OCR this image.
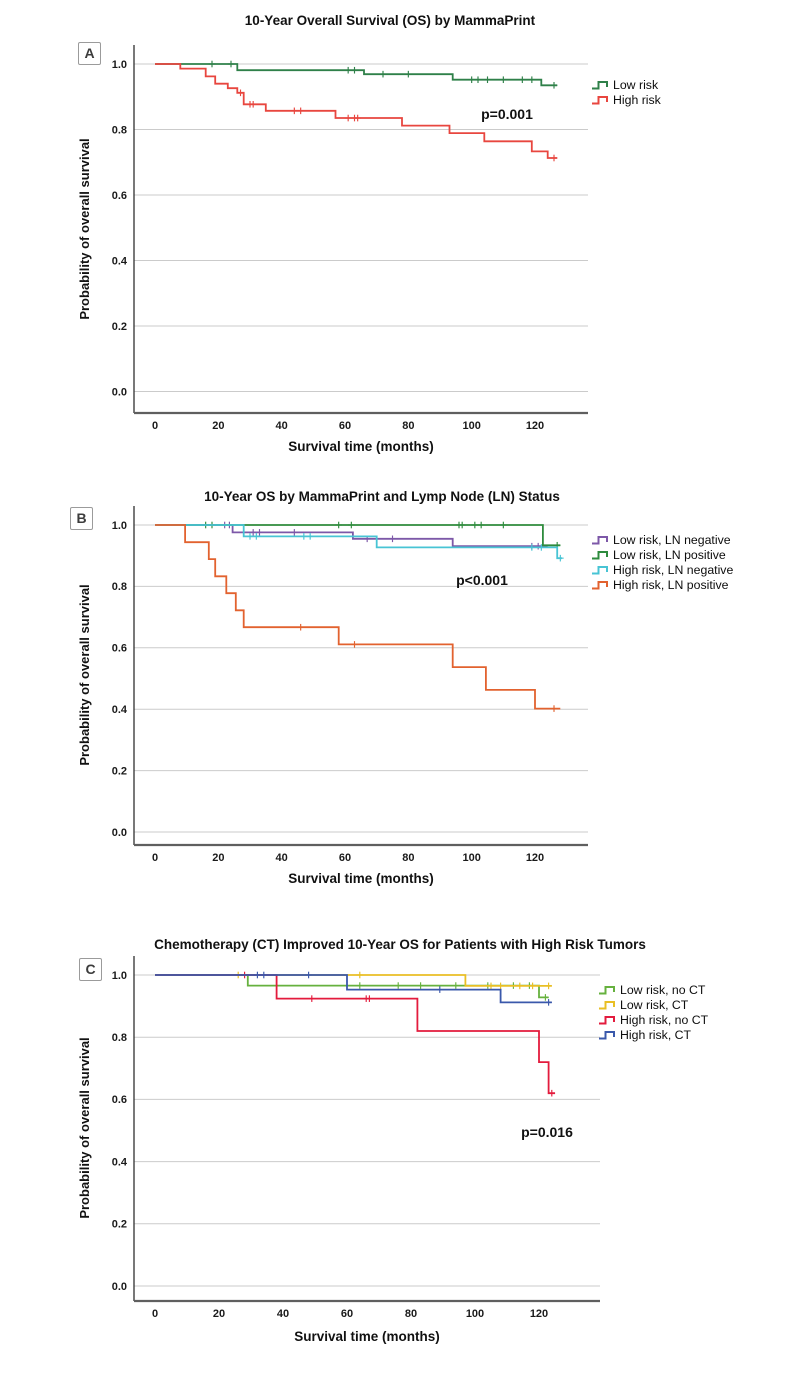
1.0
0.8
0.6
0.4
0.2
0.0
0	20	40	60	80	100	120
1.0
0.8
0.6
0.4
0.2
0.0
0	20	40	60	80	100	120
1.0
0.8
0.6
0.4
0.2
0.0
0	20	40	60	80	100	120
10-Year Overall Survival (OS) by MammaPrint
A
Probability of overall survival
Survival time (months)
p=0.001
Low risk
High risk
10-Year OS by MammaPrint and Lymp Node (LN) Status
B
Probability of overall survival
Survival time (months)
p<0.001
Low risk, LN negative
Low risk, LN positive
High risk, LN negative
High risk, LN positive
Chemotherapy (CT) Improved 10-Year OS for Patients with High Risk Tumors
C
Probability of overall survival
Survival time (months)
p=0.016
Low risk, no CT
Low risk, CT
High risk, no CT
High risk, CT
